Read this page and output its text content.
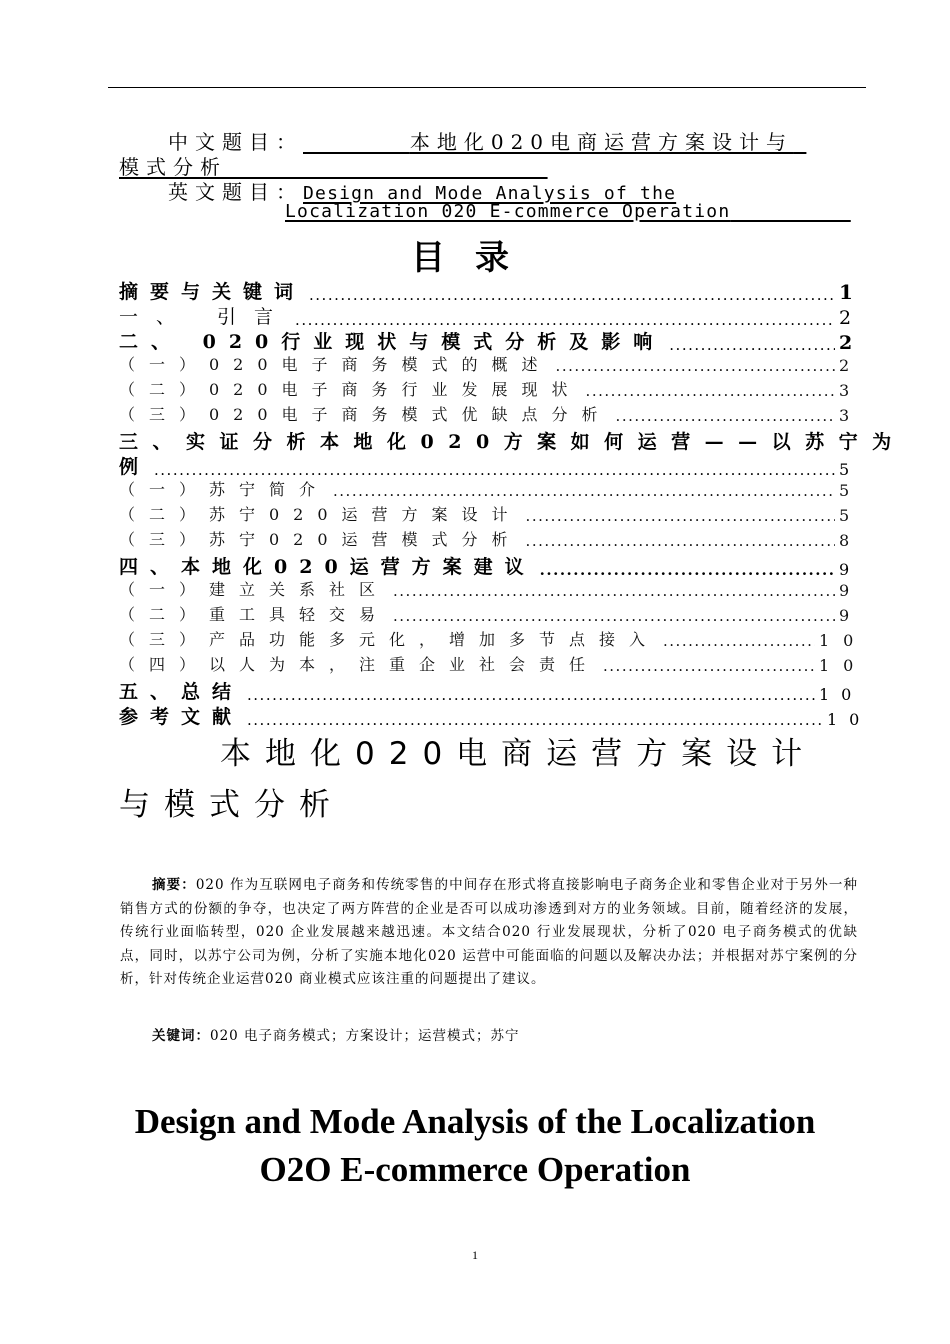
中文题目：	本地化020电商运营方案设计与
模式分析
英文题目：Design and Mode Analysis of the
Localization 020 E-commerce Operation
目录
摘要与关键词 .....	1
一、 引言 .....	2
二、 020行业现状与模式分析及影响 .....	2
（一）020电子商务模式的概述 .....	2
（二）020电子商务行业发展现状 .....	3
（三）020电子商务模式优缺点分析 .....	3
三、实证分析本地化020方案如何运营——以苏宁为
例 .....	5
（一）苏宁简介 .....	5
（二）苏宁020运营方案设计 .....	5
（三）苏宁020运营模式分析 .....	8
四、本地化020运营方案建议 .....	9
（一）建立关系社区 .....	9
（二）重工具轻交易 .....	9
（三）产品功能多元化，增加多节点接入 .....	10
（四）以人为本，注重企业社会责任 .....	10
五、总结 .....	10
参考文献 .....	10
本地化020电商运营方案设计
与模式分析
摘要：020 作为互联网电子商务和传统零售的中间存在形式将直接影响电子商务企业和零售企业对于另外一种销售方式的份额的争夺，也决定了两方阵营的企业是否可以成功渗透到对方的业务领域。目前，随着经济的发展，传统行业面临转型，020 企业发展越来越迅速。本文结合020 行业发展现状，分析了020 电子商务模式的优缺点，同时，以苏宁公司为例，分析了实施本地化020 运营中可能面临的问题以及解决办法；并根据对苏宁案例的分析，针对传统企业运营020 商业模式应该注重的问题提出了建议。
关键词：020 电子商务模式；方案设计；运营模式；苏宁
Design and Mode Analysis of the Localization
O2O E-commerce Operation
1
